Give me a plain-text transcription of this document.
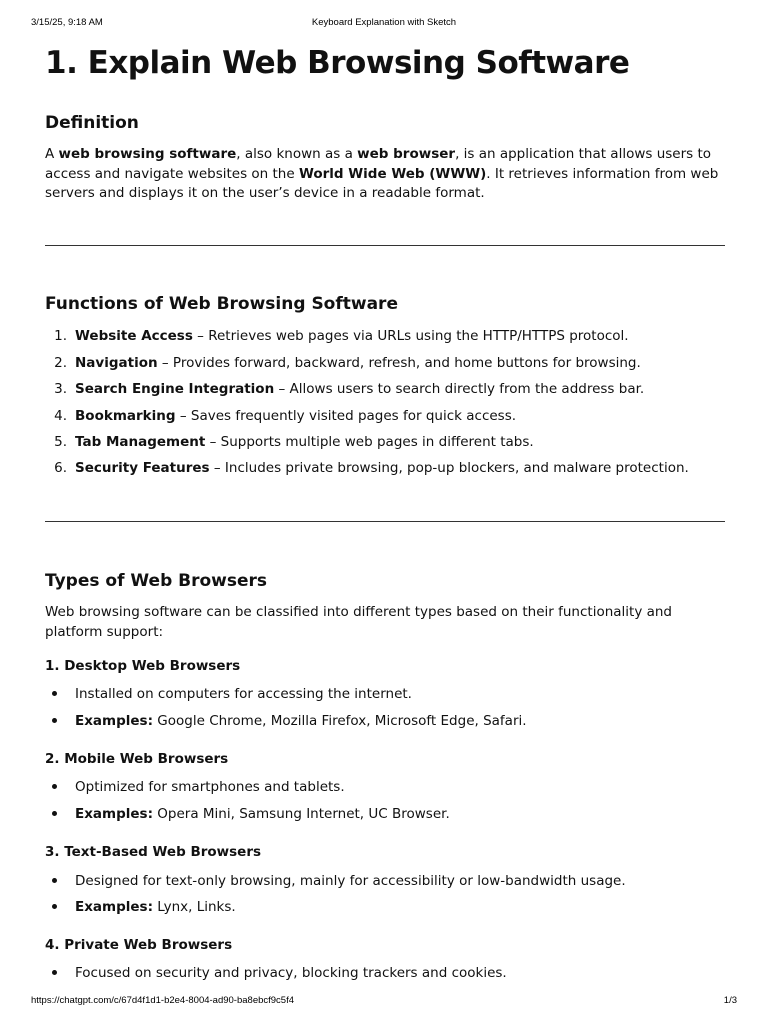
3/15/25, 9:18 AM	Keyboard Explanation with Sketch
1. Explain Web Browsing Software
Definition

A web browsing software, also known as a web browser, is an application that allows users to access and navigate websites on the World Wide Web (WWW). It retrieves information from web servers and displays it on the user’s device in a readable format.

Functions of Web Browsing Software
1. Website Access – Retrieves web pages via URLs using the HTTP/HTTPS protocol.
2. Navigation – Provides forward, backward, refresh, and home buttons for browsing.
3. Search Engine Integration – Allows users to search directly from the address bar.
4. Bookmarking – Saves frequently visited pages for quick access.
5. Tab Management – Supports multiple web pages in different tabs.
6. Security Features – Includes private browsing, pop-up blockers, and malware protection.
Types of Web Browsers

Web browsing software can be classified into different types based on their functionality and platform support:

1. Desktop Web Browsers
Installed on computers for accessing the internet.
Examples: Google Chrome, Mozilla Firefox, Microsoft Edge, Safari.
2. Mobile Web Browsers
Optimized for smartphones and tablets.
Examples: Opera Mini, Samsung Internet, UC Browser.
3. Text-Based Web Browsers
Designed for text-only browsing, mainly for accessibility or low-bandwidth usage.
Examples: Lynx, Links.
4. Private Web Browsers
Focused on security and privacy, blocking trackers and cookies.
https://chatgpt.com/c/67d4f1d1-b2e4-8004-ad90-ba8ebcf9c5f4	1/3
